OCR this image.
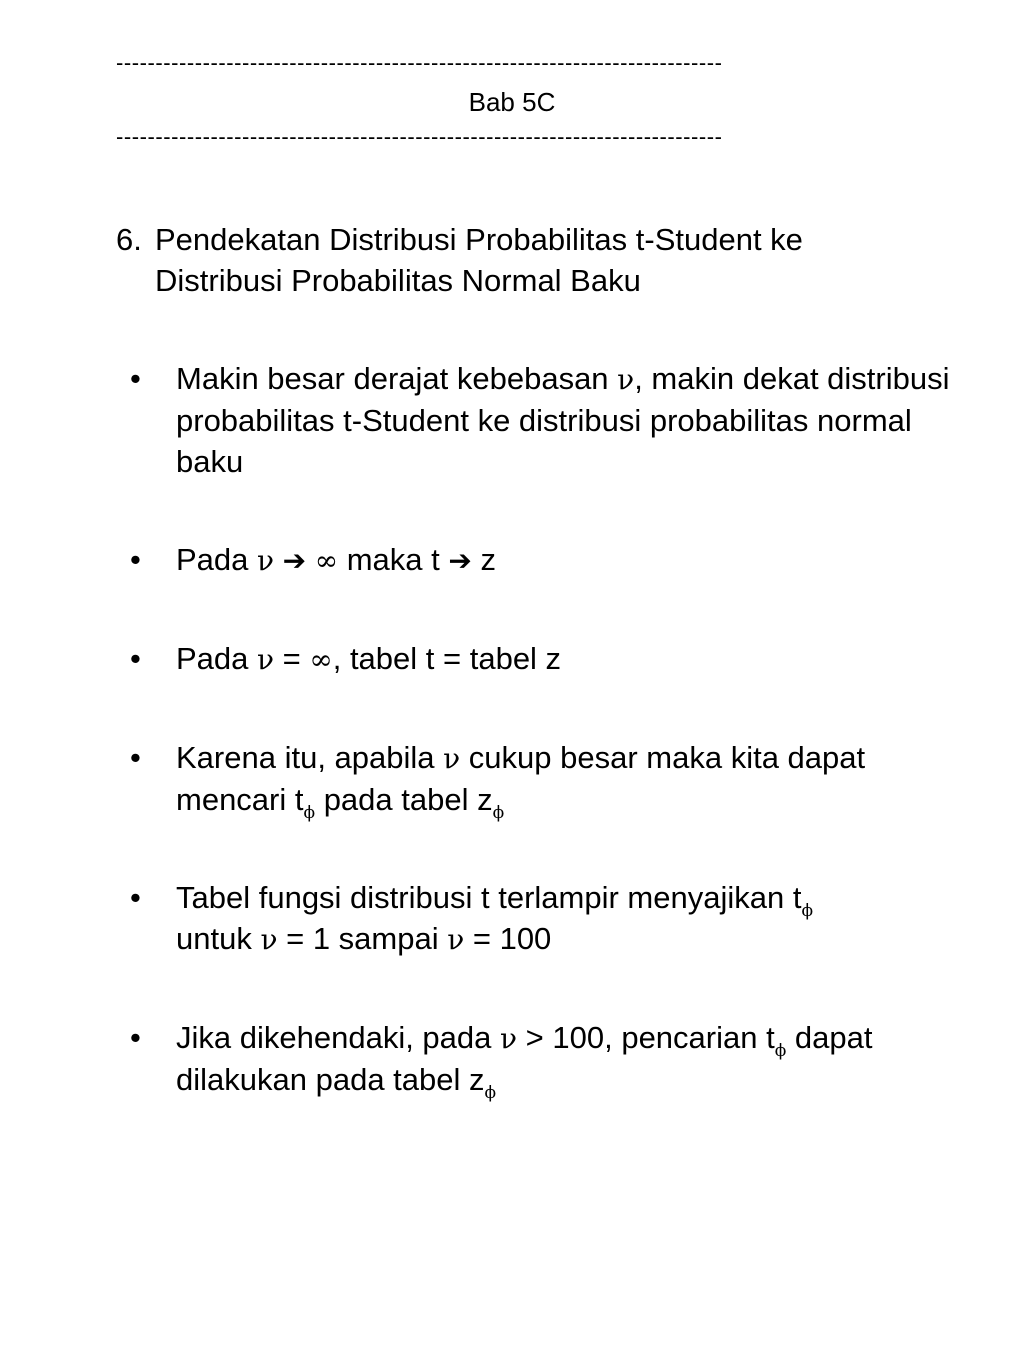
-----------------------------------------------------------------------------
Bab 5C
-----------------------------------------------------------------------------
6. Pendekatan Distribusi Probabilitas t-Student ke Distribusi Probabilitas Normal Baku
• Makin besar derajat kebebasan ν, makin dekat distribusi probabilitas t-Student ke distribusi probabilitas normal baku
• Pada ν ➔ ∞ maka t ➔ z
• Pada ν = ∞, tabel t = tabel z
• Karena itu, apabila ν cukup besar maka kita dapat mencari $t_\phi$ pada tabel $z_\phi$
• Tabel fungsi distribusi t terlampir menyajikan $t_\phi$
untuk ν = 1 sampai ν = 100
• Jika dikehendaki, pada ν > 100, pencarian $t_\phi$ dapat dilakukan pada tabel $z_\phi$
